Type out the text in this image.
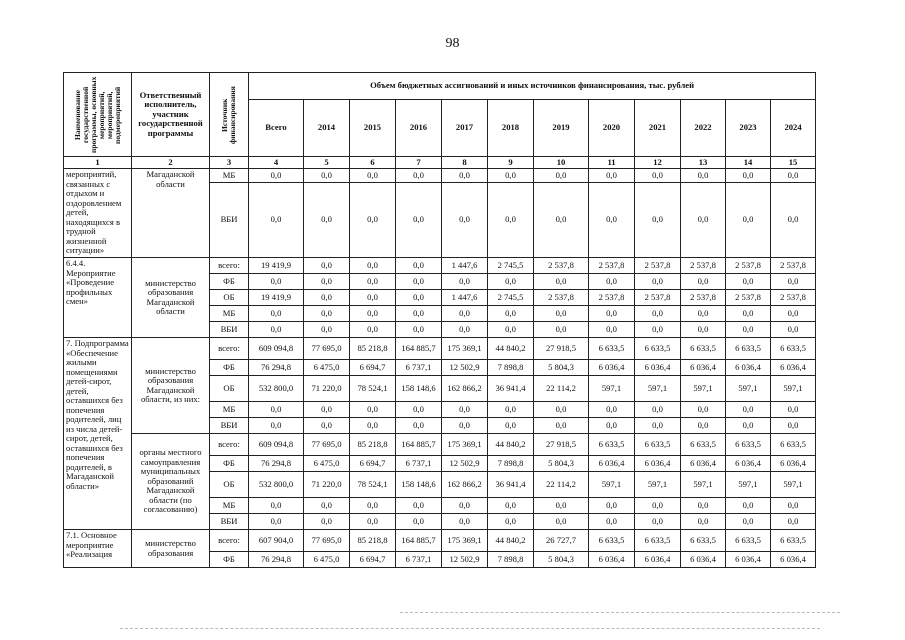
98
Наименование государственной программы, основных мероприятий, мероприятий, подмероприятий	Ответственный исполнитель, участник государственной программы	Источник финансирования	Объем бюджетных ассигнований и иных источников финансирования, тыс. рублей											
			Всего	2014	2015	2016	2017	2018	2019	2020	2021	2022	2023	2024
1	2	3	4	5	6	7	8	9	10	11	12	13	14	15
мероприятий, связанных с отдыхом и оздоровлением детей, находящихся в трудной жизненной ситуации»	Магаданской области	МБ	0,0	0,0	0,0	0,0	0,0	0,0	0,0	0,0	0,0	0,0	0,0	0,0
		ВБИ	0,0	0,0	0,0	0,0	0,0	0,0	0,0	0,0	0,0	0,0	0,0	0,0
6.4.4. Мероприятие «Проведение профильных смен»	министерство образования Магаданской области	всего:	19 419,9	0,0	0,0	0,0	1 447,6	2 745,5	2 537,8	2 537,8	2 537,8	2 537,8	2 537,8	2 537,8
		ФБ	0,0	0,0	0,0	0,0	0,0	0,0	0,0	0,0	0,0	0,0	0,0	0,0
		ОБ	19 419,9	0,0	0,0	0,0	1 447,6	2 745,5	2 537,8	2 537,8	2 537,8	2 537,8	2 537,8	2 537,8
		МБ	0,0	0,0	0,0	0,0	0,0	0,0	0,0	0,0	0,0	0,0	0,0	0,0
		ВБИ	0,0	0,0	0,0	0,0	0,0	0,0	0,0	0,0	0,0	0,0	0,0	0,0
7. Подпрограмма «Обеспечение жилыми помещениями детей-сирот, детей, оставшихся без попечения родителей, лиц из числа детей-сирот, детей, оставшихся без попечения родителей, в Магаданской области»	министерство образования Магаданской области, из них:	всего:	609 094,8	77 695,0	85 218,8	164 885,7	175 369,1	44 840,2	27 918,5	6 633,5	6 633,5	6 633,5	6 633,5	6 633,5
		ФБ	76 294,8	6 475,0	6 694,7	6 737,1	12 502,9	7 898,8	5 804,3	6 036,4	6 036,4	6 036,4	6 036,4	6 036,4
		ОБ	532 800,0	71 220,0	78 524,1	158 148,6	162 866,2	36 941,4	22 114,2	597,1	597,1	597,1	597,1	597,1
		МБ	0,0	0,0	0,0	0,0	0,0	0,0	0,0	0,0	0,0	0,0	0,0	0,0
		ВБИ	0,0	0,0	0,0	0,0	0,0	0,0	0,0	0,0	0,0	0,0	0,0	0,0
	органы местного самоуправления муниципальных образований Магаданской области (по согласованию)	всего:	609 094,8	77 695,0	85 218,8	164 885,7	175 369,1	44 840,2	27 918,5	6 633,5	6 633,5	6 633,5	6 633,5	6 633,5
		ФБ	76 294,8	6 475,0	6 694,7	6 737,1	12 502,9	7 898,8	5 804,3	6 036,4	6 036,4	6 036,4	6 036,4	6 036,4
		ОБ	532 800,0	71 220,0	78 524,1	158 148,6	162 866,2	36 941,4	22 114,2	597,1	597,1	597,1	597,1	597,1
		МБ	0,0	0,0	0,0	0,0	0,0	0,0	0,0	0,0	0,0	0,0	0,0	0,0
		ВБИ	0,0	0,0	0,0	0,0	0,0	0,0	0,0	0,0	0,0	0,0	0,0	0,0
7.1. Основное мероприятие «Реализация	министерство образования	всего:	607 904,0	77 695,0	85 218,8	164 885,7	175 369,1	44 840,2	26 727,7	6 633,5	6 633,5	6 633,5	6 633,5	6 633,5
		ФБ	76 294,8	6 475,0	6 694,7	6 737,1	12 502,9	7 898,8	5 804,3	6 036,4	6 036,4	6 036,4	6 036,4	6 036,4
